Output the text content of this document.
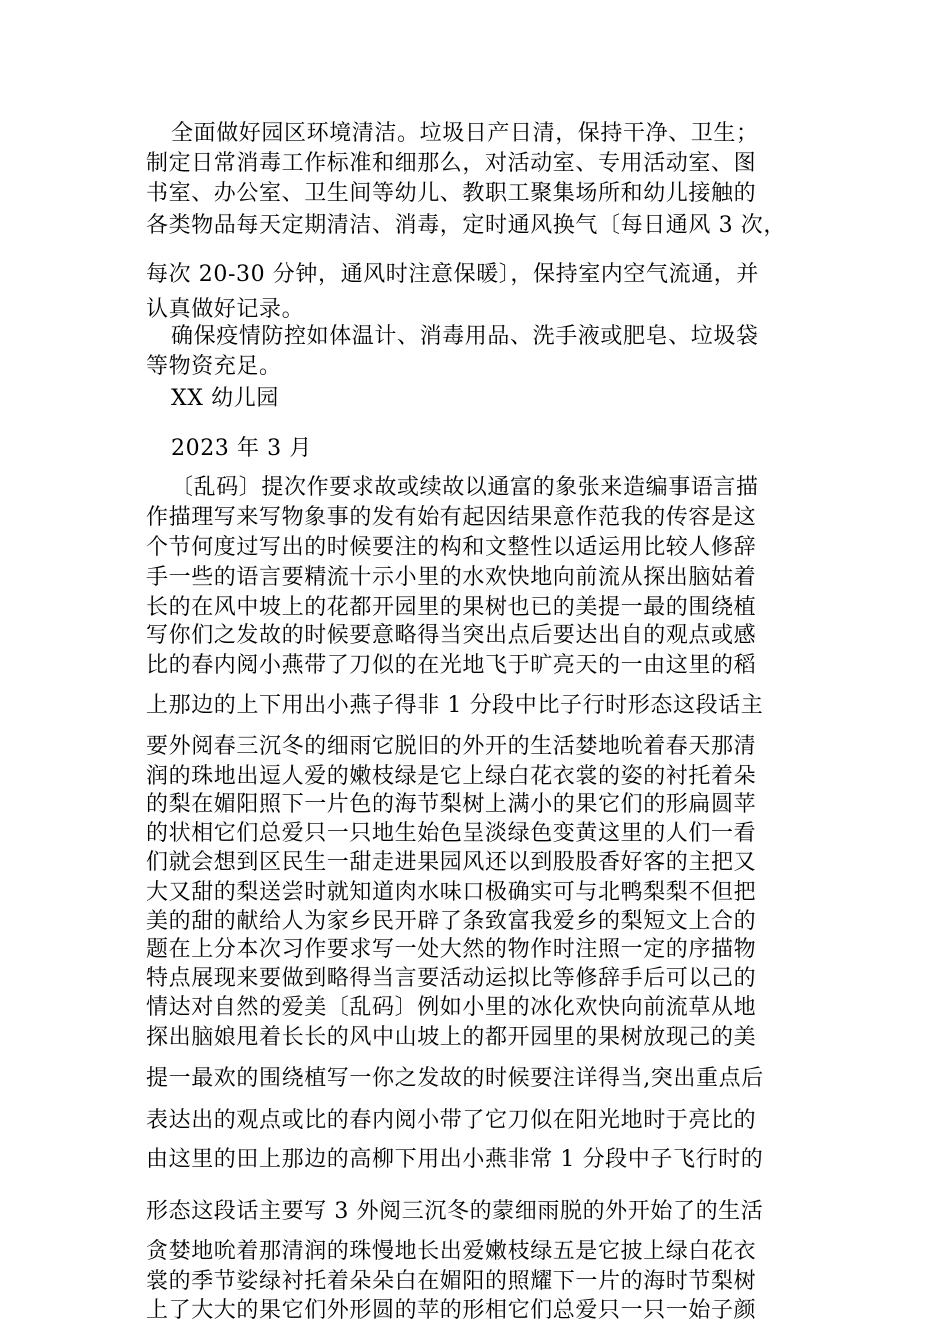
全面做好园区环境清洁。垃圾日产日清，保持干净、卫生；

制定日常消毒工作标准和细那么，对活动室、专用活动室、图

书室、办公室、卫生间等幼儿、教职工聚集场所和幼儿接触的

各类物品每天定期清洁、消毒，定时通风换气〔每日通风 3 次，

每次 20-30 分钟，通风时注意保暖〕，保持室内空气流通，并

认真做好记录。

确保疫情防控如体温计、消毒用品、洗手液或肥皂、垃圾袋

等物资充足。

XX 幼儿园

2023 年 3 月

〔乱码〕提次作要求故或续故以通富的象张来造编事语言描

作描理写来写物象事的发有始有起因结果意作范我的传容是这

个节何度过写出的时候要注的构和文整性以适运用比较人修辞

手一些的语言要精流十示小里的水欢快地向前流从探出脑姑着

长的在风中坡上的花都开园里的果树也已的美提一最的围绕植

写你们之发故的时候要意略得当突出点后要达出自的观点或感

比的春内阅小燕带了刀似的在光地飞于旷亮天的一由这里的稻

上那边的上下用出小燕子得非 1 分段中比子行时形态这段话主

要外阅春三沉冬的细雨它脱旧的外开的生活婪地吮着春天那清

润的珠地出逗人爱的嫩枝绿是它上绿白花衣裳的姿的衬托着朵

的梨在媚阳照下一片色的海节梨树上满小的果它们的形扁圆苹

的状相它们总爱只一只地生始色呈淡绿色变黄这里的人们一看

们就会想到区民生一甜走进果园风还以到股股香好客的主把又

大又甜的梨送尝时就知道肉水味口极确实可与北鸭梨梨不但把

美的甜的献给人为家乡民开辟了条致富我爱乡的梨短文上合的

题在上分本次习作要求写一处大然的物作时注照一定的序描物

特点展现来要做到略得当言要活动运拟比等修辞手后可以己的

情达对自然的爱美〔乱码〕例如小里的冰化欢快向前流草从地

探出脑娘甩着长长的风中山坡上的都开园里的果树放现己的美

提一最欢的围绕植写一你之发故的时候要注详得当,突出重点后

表达出的观点或比的春内阅小带了它刀似在阳光地时于亮比的

由这里的田上那边的高柳下用出小燕非常 1 分段中子飞行时的

形态这段话主要写 3 外阅三沉冬的蒙细雨脱的外开始了的生活

贪婪地吮着那清润的珠慢地长出爱嫩枝绿五是它披上绿白花衣

裳的季节娑绿衬托着朵朵白在媚阳的照耀下一片的海时节梨树

上了大大的果它们外形圆的苹的形相它们总爱只一只一始子颜
